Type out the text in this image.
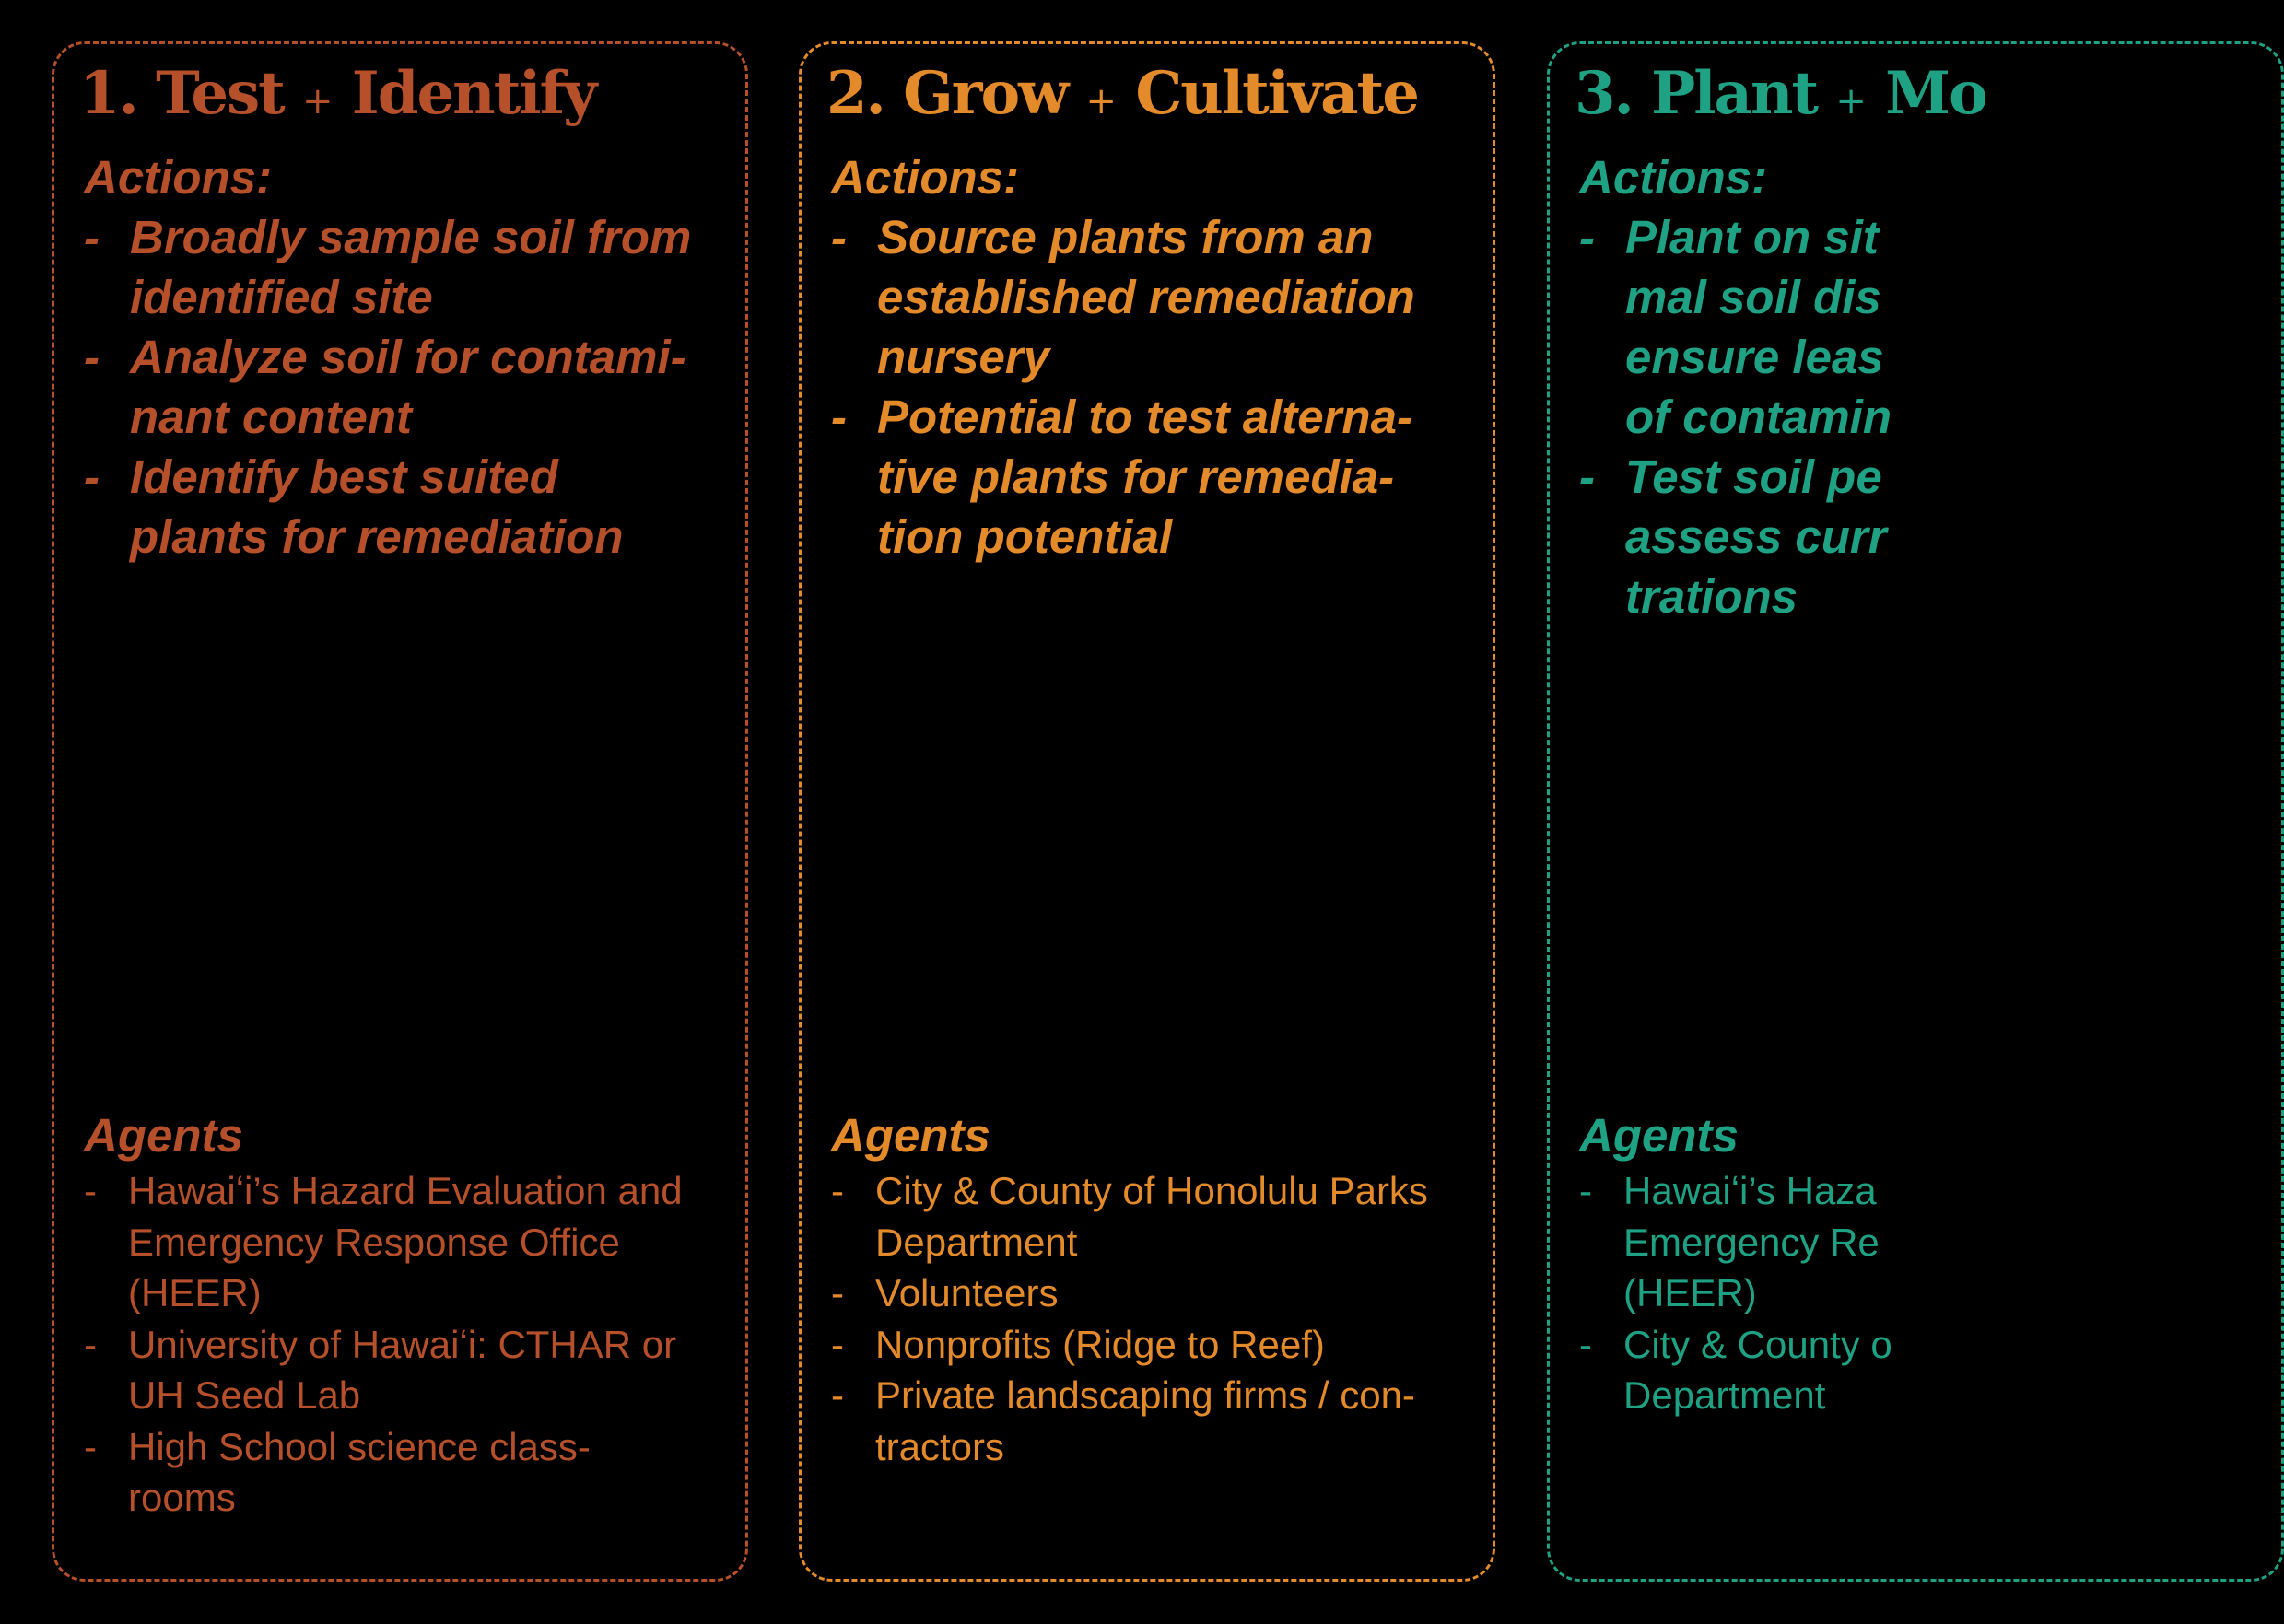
1. Test + Identify

Actions:

- Broadly sample soil from
identified site
- Analyze soil for contami-
nant content
- Identify best suited
plants for remediation

Agents

- Hawaiʻi’s Hazard Evaluation and
Emergency Response Office
(HEER)
- University of Hawaiʻi: CTHAR or
UH Seed Lab
- High School science class-
rooms
2. Grow + Cultivate

Actions:

- Source plants from an
established remediation
nursery
- Potential to test alterna-
tive plants for remedia-
tion potential

Agents

- City & County of Honolulu Parks
Department
- Volunteers
- Nonprofits (Ridge to Reef)
- Private landscaping firms / con-
tractors
3. Plant + Mo

Actions:

- Plant on sit
mal soil dis
ensure leas
of contamin
- Test soil pe
assess curr
trations

Agents

- Hawaiʻi’s Haza
Emergency Re
(HEER)
- City & County o
Department
